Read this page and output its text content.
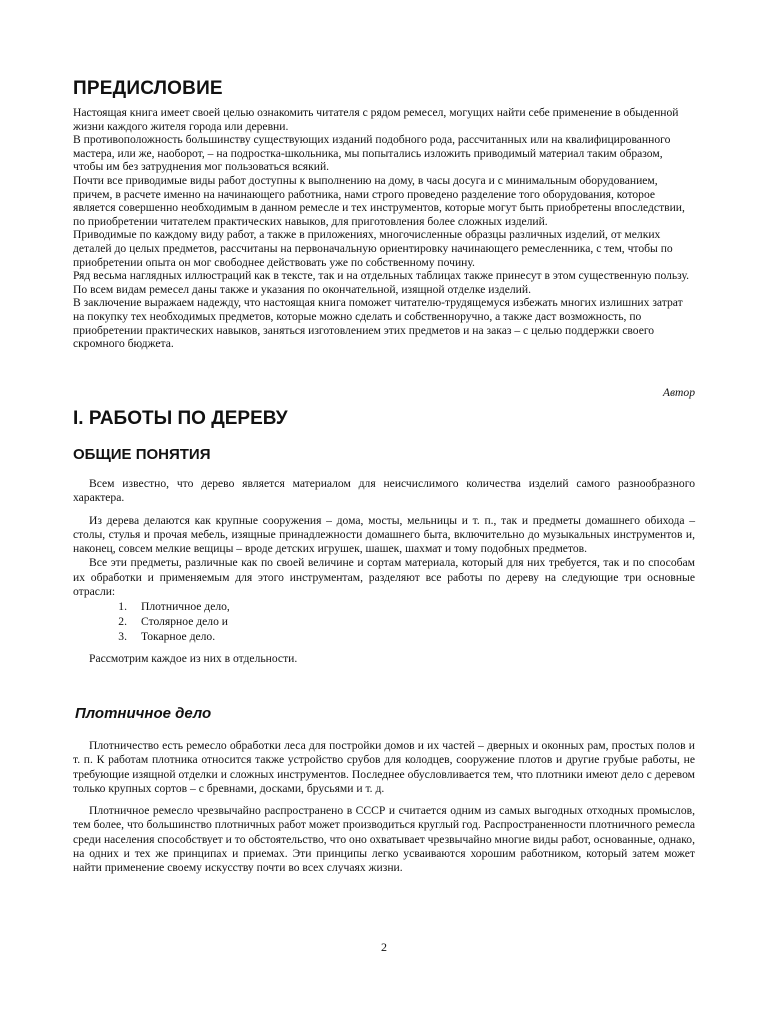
ПРЕДИСЛОВИЕ

Настоящая книга имеет своей целью ознакомить читателя с рядом ремесел, могущих найти себе применение в обыденной жизни каждого жителя города или деревни.

В противоположность большинству существующих изданий подобного рода, рассчитанных или на квалифицированного мастера, или же, наоборот, – на подростка-школьника, мы попытались изложить приводимый материал таким образом, чтобы им без затруднения мог пользоваться всякий.

Почти все приводимые виды работ доступны к выполнению на дому, в часы досуга и с минимальным оборудованием, причем, в расчете именно на начинающего работника, нами строго проведено разделение того оборудования, которое является совершенно необходимым в данном ремесле и тех инструментов, которые могут быть приобретены впоследствии, по приобретении читателем практических навыков, для приготовления более сложных изделий.

Приводимые по каждому виду работ, а также в приложениях, многочисленные образцы различных изделий, от мелких деталей до целых предметов, рассчитаны на первоначальную ориентировку начинающего ремесленника, с тем, чтобы по приобретении опыта он мог свободнее действовать уже по собственному почину.

Ряд весьма наглядных иллюстраций как в тексте, так и на отдельных таблицах также принесут в этом существенную пользу.

По всем видам ремесел даны также и указания по окончательной, изящной отделке изделий.

В заключение выражаем надежду, что настоящая книга поможет читателю-трудящемуся избежать многих излишних затрат на покупку тех необходимых предметов, которые можно сделать и собственноручно, а также даст возможность, по приобретении практических навыков, заняться изготовлением этих предметов и на заказ – с целью поддержки своего скромного бюджета.

Автор
I. РАБОТЫ ПО ДЕРЕВУ
ОБЩИЕ ПОНЯТИЯ

Всем известно, что дерево является материалом для неисчислимого количества изделий самого разнообразного характера.

Из дерева делаются как крупные сооружения – дома, мосты, мельницы и т. п., так и предметы домашнего обихода – столы, стулья и прочая мебель, изящные принадлежности домашнего быта, включительно до музыкальных инструментов и, наконец, совсем мелкие вещицы – вроде детских игрушек, шашек, шахмат и тому подобных предметов.

Все эти предметы, различные как по своей величине и сортам материала, который для них требуется, так и по способам их обработки и применяемым для этого инструментам, разделяют все работы по дереву на следующие три основные отрасли:

1.	Плотничное дело,
2.	Столярное дело и
3.	Токарное дело.

Рассмотрим каждое из них в отдельности.

Плотничное дело

Плотничество есть ремесло обработки леса для постройки домов и их частей – дверных и оконных рам, простых полов и т. п. К работам плотника относится также устройство срубов для колодцев, сооружение плотов и другие грубые работы, не требующие изящной отделки и сложных инструментов. Последнее обусловливается тем, что плотники имеют дело с деревом только крупных сортов – с бревнами, досками, брусьями и т. д.

Плотничное ремесло чрезвычайно распространено в СССР и считается одним из самых выгодных отходных промыслов, тем более, что большинство плотничных работ может производиться круглый год. Распространенности плотничного ремесла среди населения способствует и то обстоятельство, что оно охватывает чрезвычайно многие виды работ, основанные, однако, на одних и тех же принципах и приемах. Эти принципы легко усваиваются хорошим работником, который затем может найти применение своему искусству почти во всех случаях жизни.

2
